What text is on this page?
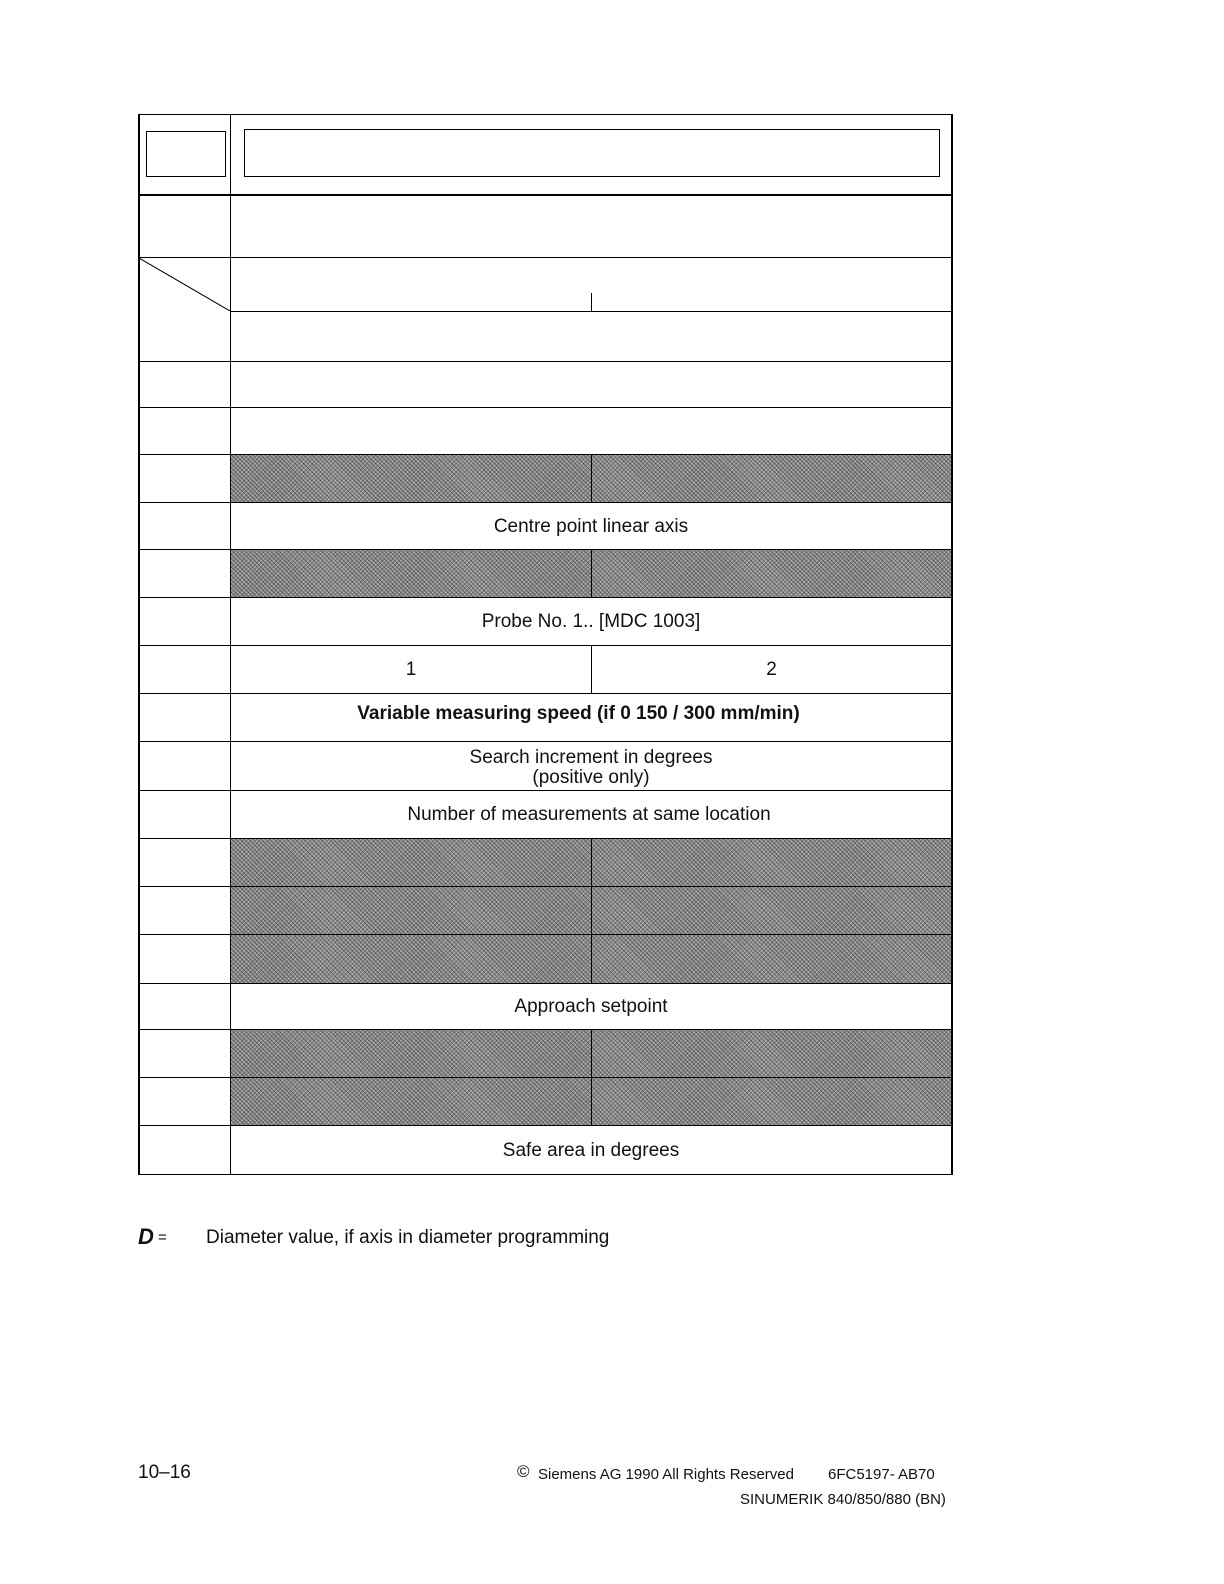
Centre point linear axis
Probe No. 1.. [MDC 1003]
1	2
Variable measuring speed (if 0 150 / 300 mm/min)
Search increment in degrees
(positive only)
Number of measurements at same location
Approach setpoint
Safe area in degrees
D = Diameter value, if axis in diameter programming
10–16	© Siemens AG 1990 All Rights Reserved 6FC5197- AB70
SINUMERIK 840/850/880 (BN)
